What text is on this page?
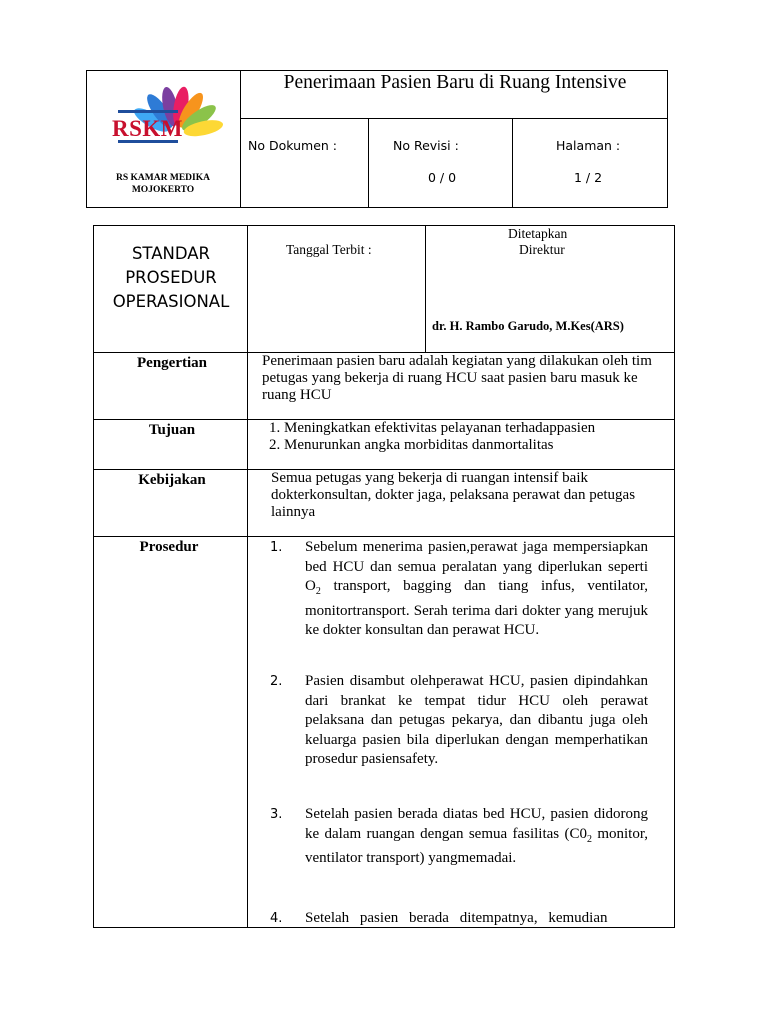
RSKM
RS KAMAR MEDIKA MOJOKERTO
Penerimaan Pasien Baru di Ruang Intensive
No Dokumen :	No Revisi :
0 / 0
Halaman :
1 / 2
STANDAR
PROSEDUR
OPERASIONAL
Tanggal Terbit :
Ditetapkan
Direktur
dr. H. Rambo Garudo, M.Kes(ARS)
Pengertian	Penerimaan pasien baru adalah kegiatan yang dilakukan oleh tim petugas yang bekerja di ruang HCU saat pasien baru masuk ke ruang HCU
Tujuan
1.	Meningkatkan efektivitas pelayanan terhadappasien
2. Menurunkan angka morbiditas danmortalitas
Kebijakan	Semua petugas yang bekerja di ruangan intensif baik dokterkonsultan, dokter jaga, pelaksana perawat dan petugas lainnya
Prosedur	1. Sebelum menerima pasien,perawat jaga mempersiapkan bed HCU dan semua peralatan yang diperlukan seperti $O_2$ transport, bagging dan tiang infus, ventilator, monitortransport. Serah terima dari dokter yang merujuk ke dokter konsultan dan perawat HCU.
2. Pasien disambut olehperawat HCU, pasien dipindahkan dari brankat ke tempat tidur HCU oleh perawat pelaksana dan petugas pekarya, dan dibantu juga oleh keluarga pasien bila diperlukan dengan memperhatikan prosedur pasiensafety.
3. Setelah pasien berada diatas bed HCU, pasien didorong ke dalam ruangan dengan semua fasilitas ($C0_2$ monitor, ventilator transport) yangmemadai.
4. Setelah pasien berada ditempatnya, kemudian
